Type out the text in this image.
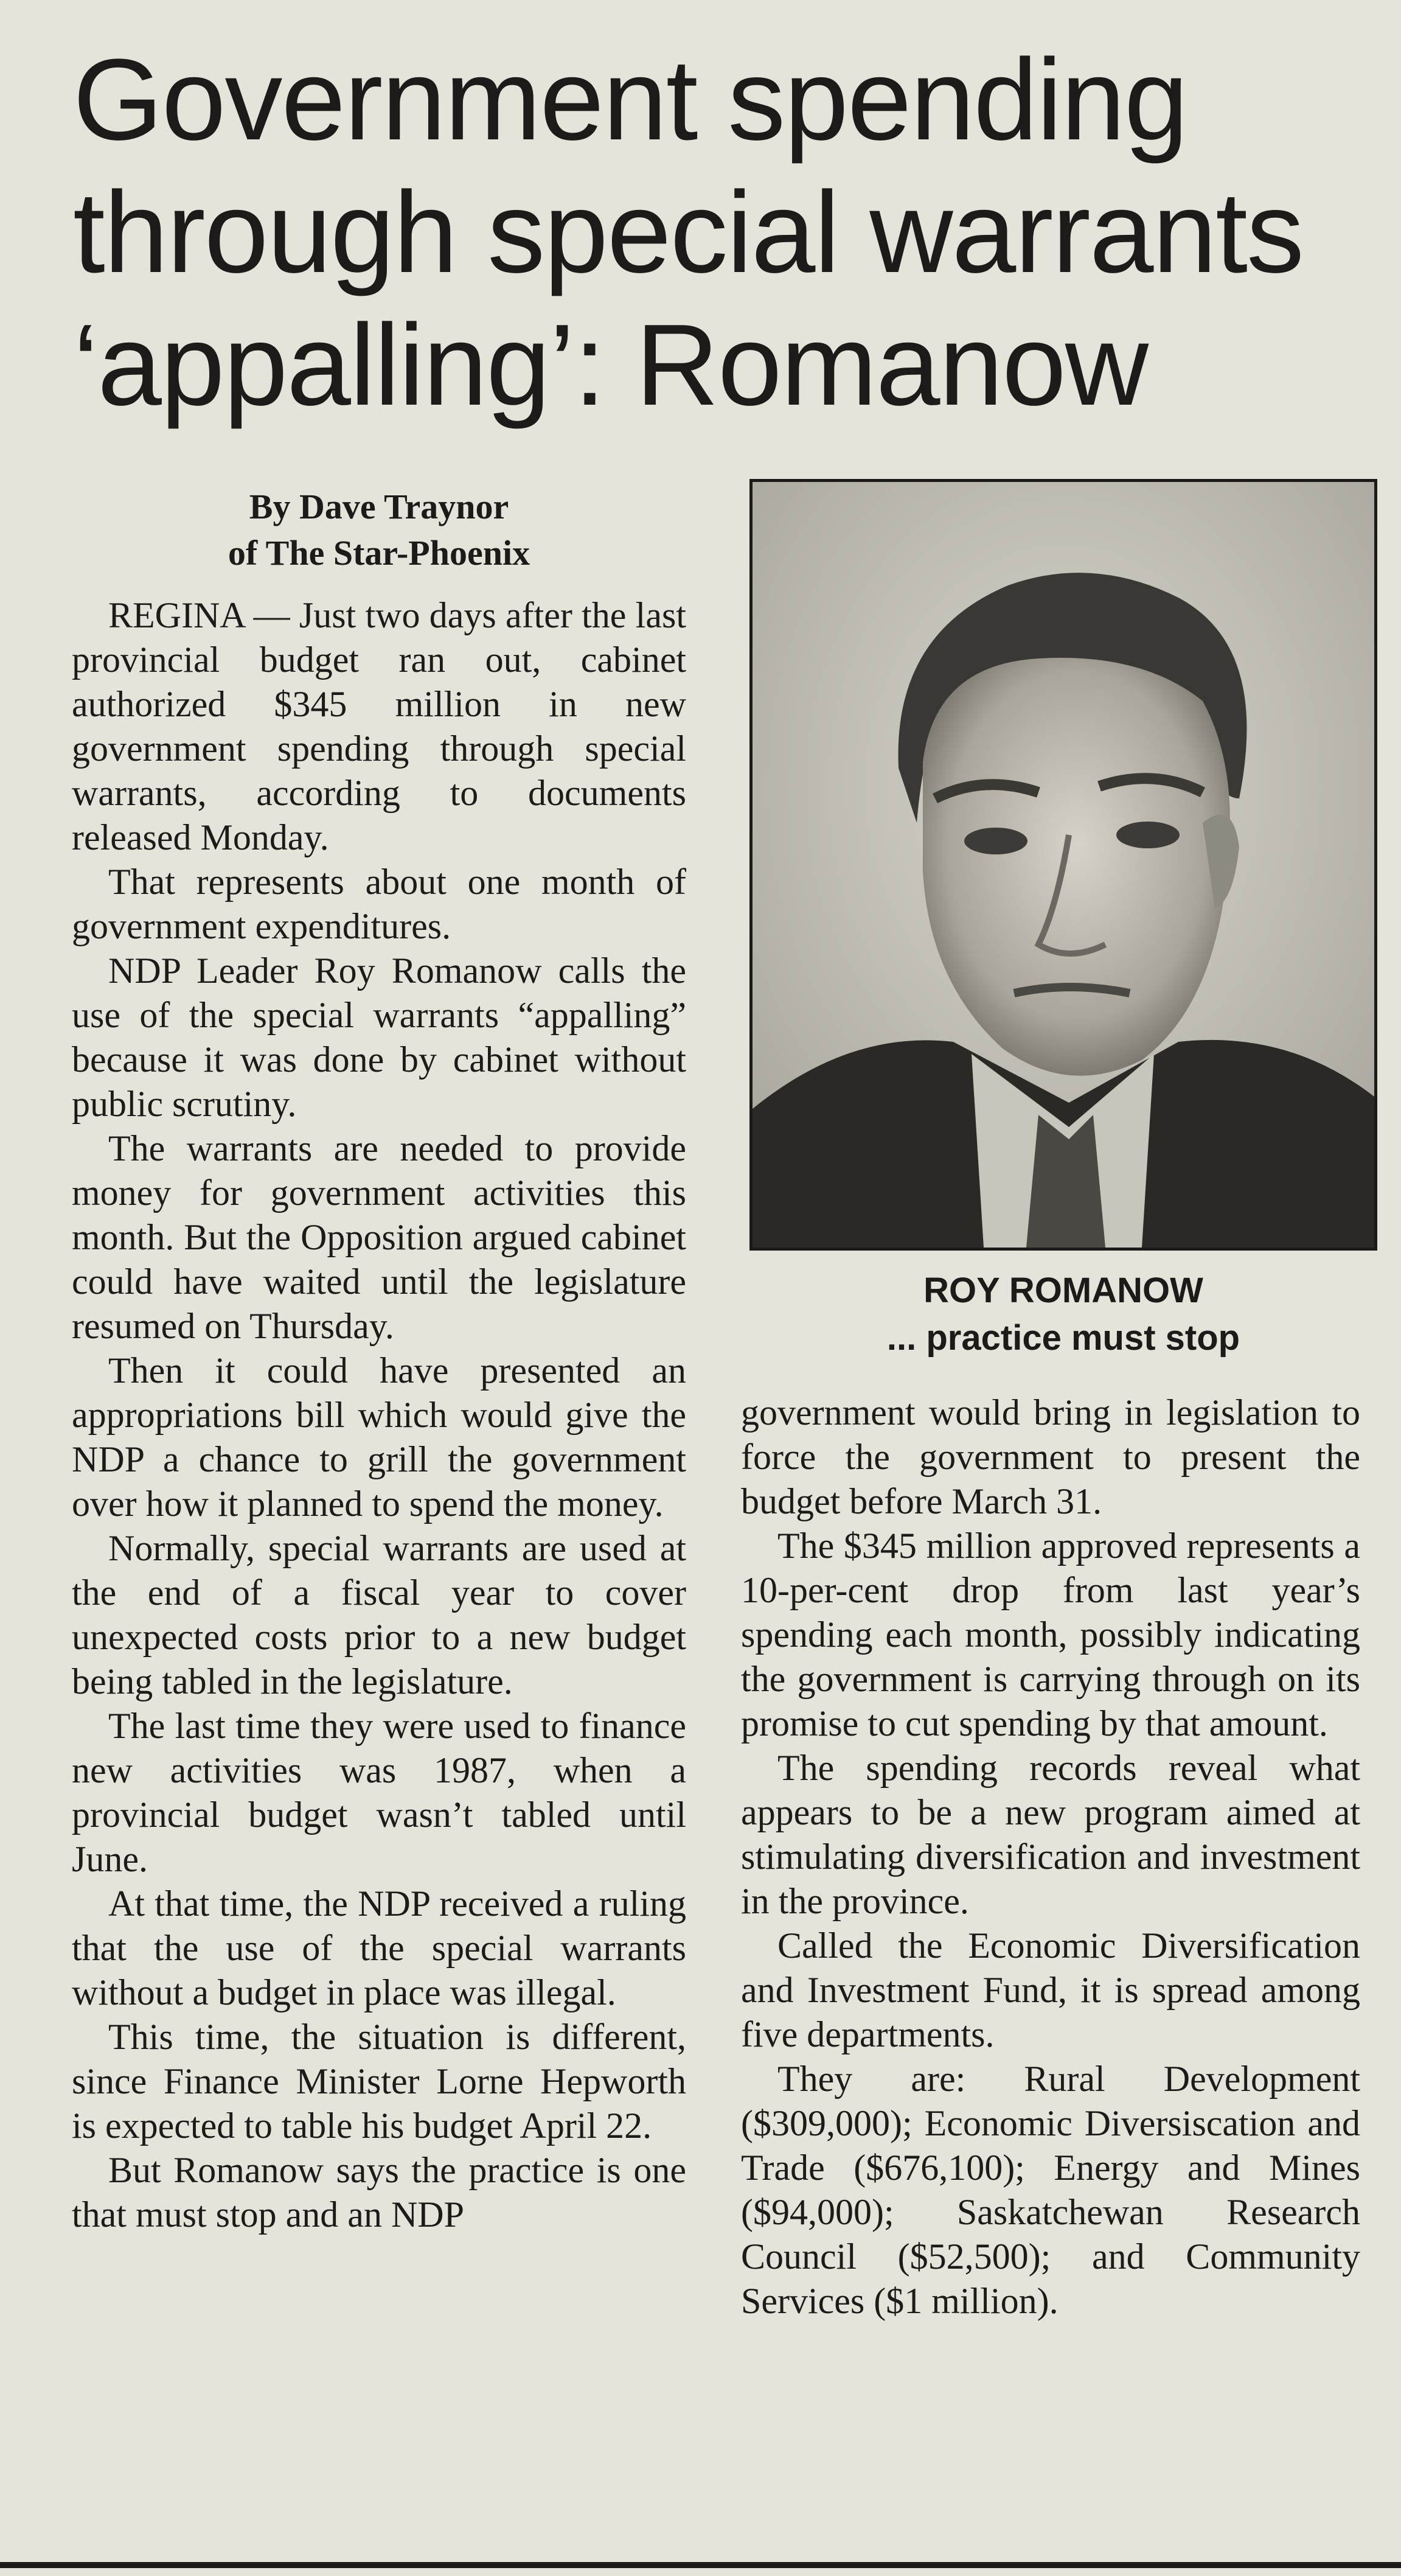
Government spending
through special warrants
‘appalling’: Romanow
By Dave Traynor
of The Star-Phoenix

REGINA — Just two days after the last provincial budget ran out, cabinet authorized $345 million in new government spending through special warrants, according to documents released Monday.

That represents about one month of government expenditures.

NDP Leader Roy Romanow calls the use of the special warrants “appalling” because it was done by cabinet without public scrutiny.

The warrants are needed to provide money for government activities this month. But the Opposition argued cabinet could have waited until the legislature resumed on Thursday.

Then it could have presented an appropriations bill which would give the NDP a chance to grill the government over how it planned to spend the money.

Normally, special warrants are used at the end of a fiscal year to cover unexpected costs prior to a new budget being tabled in the legislature.

The last time they were used to finance new activities was 1987, when a provincial budget wasn’t tabled until June.

At that time, the NDP received a ruling that the use of the special warrants without a budget in place was illegal.

This time, the situation is different, since Finance Minister Lorne Hepworth is expected to table his budget April 22.

But Romanow says the practice is one that must stop and an NDP

ROY ROMANOW
... practice must stop

government would bring in legislation to force the government to present the budget before March 31.

The $345 million approved represents a 10-per-cent drop from last year’s spending each month, possibly indicating the government is carrying through on its promise to cut spending by that amount.

The spending records reveal what appears to be a new program aimed at stimulating diversification and investment in the province.

Called the Economic Diversification and Investment Fund, it is spread among five departments.

They are: Rural Development ($309,000); Economic Diversiscation and Trade ($676,100); Energy and Mines ($94,000); Saskatchewan Research Council ($52,500); and Community Services ($1 million).
